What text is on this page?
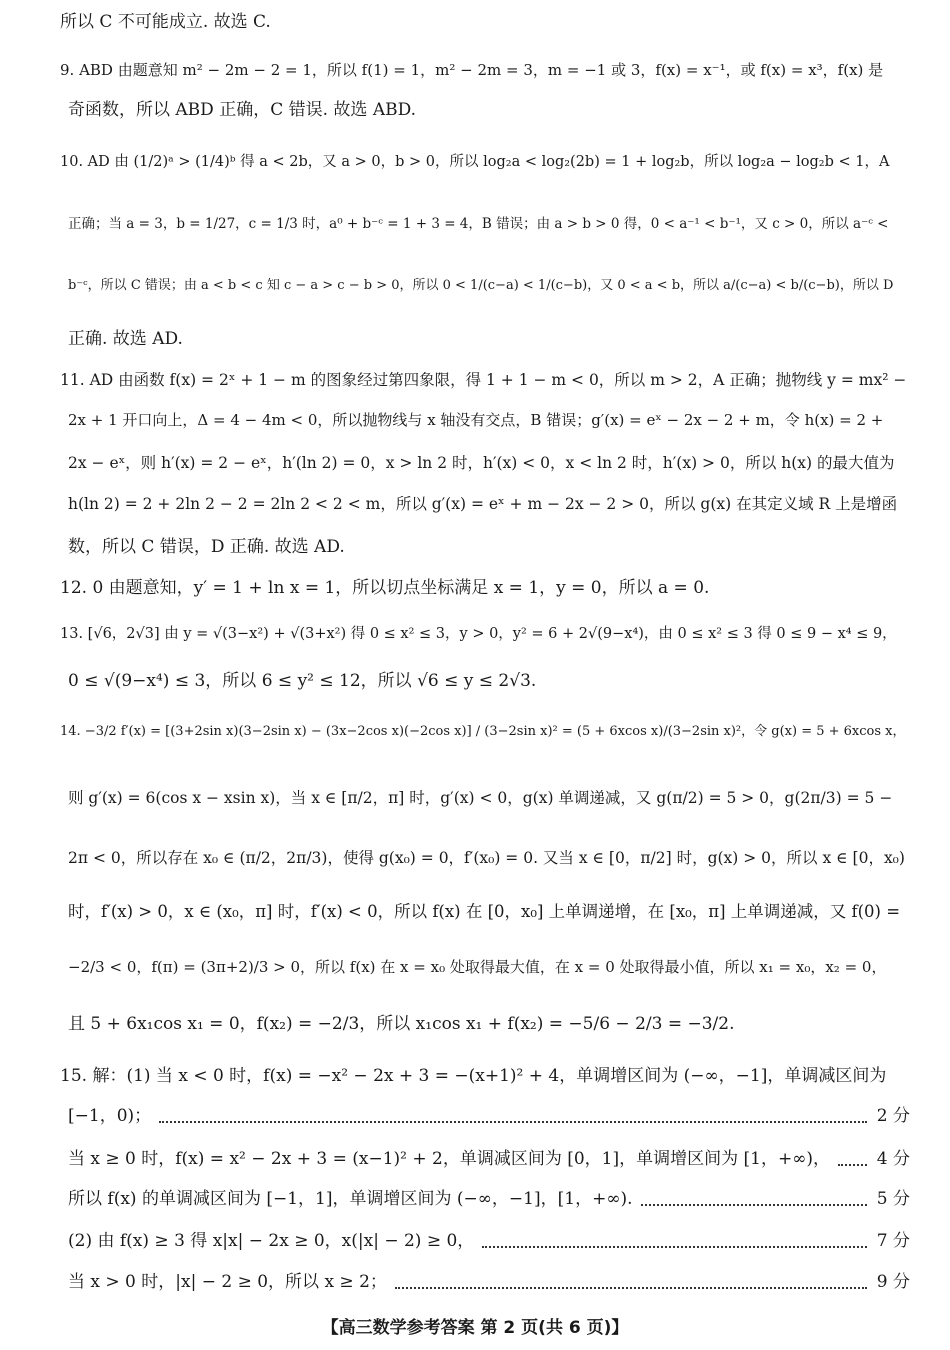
所以 C 不可能成立. 故选 C.
9. ABD 由题意知 m² − 2m − 2 = 1，所以 f(1) = 1，m² − 2m = 3，m = −1 或 3，f(x) = x⁻¹，或 f(x) = x³，f(x) 是
奇函数，所以 ABD 正确，C 错误. 故选 ABD.
10. AD 由 (1/2)ᵃ > (1/4)ᵇ 得 a < 2b，又 a > 0，b > 0，所以 log₂a < log₂(2b) = 1 + log₂b，所以 log₂a − log₂b < 1，A
正确；当 a = 3，b = 1/27，c = 1/3 时，a⁰ + b⁻ᶜ = 1 + 3 = 4，B 错误；由 a > b > 0 得，0 < a⁻¹ < b⁻¹，又 c > 0，所以 a⁻ᶜ <
b⁻ᶜ，所以 C 错误；由 a < b < c 知 c − a > c − b > 0，所以 0 < 1/(c−a) < 1/(c−b)，又 0 < a < b，所以 a/(c−a) < b/(c−b)，所以 D
正确. 故选 AD.
11. AD 由函数 f(x) = 2ˣ + 1 − m 的图象经过第四象限，得 1 + 1 − m < 0，所以 m > 2，A 正确；抛物线 y = mx² −
2x + 1 开口向上，Δ = 4 − 4m < 0，所以抛物线与 x 轴没有交点，B 错误；g′(x) = eˣ − 2x − 2 + m，令 h(x) = 2 +
2x − eˣ，则 h′(x) = 2 − eˣ，h′(ln 2) = 0，x > ln 2 时，h′(x) < 0，x < ln 2 时，h′(x) > 0，所以 h(x) 的最大值为
h(ln 2) = 2 + 2ln 2 − 2 = 2ln 2 < 2 < m，所以 g′(x) = eˣ + m − 2x − 2 > 0，所以 g(x) 在其定义域 R 上是增函
数，所以 C 错误，D 正确. 故选 AD.
12. 0 由题意知，y′ = 1 + ln x = 1，所以切点坐标满足 x = 1，y = 0，所以 a = 0.
13. [√6，2√3] 由 y = √(3−x²) + √(3+x²) 得 0 ≤ x² ≤ 3，y > 0，y² = 6 + 2√(9−x⁴)，由 0 ≤ x² ≤ 3 得 0 ≤ 9 − x⁴ ≤ 9，
0 ≤ √(9−x⁴) ≤ 3，所以 6 ≤ y² ≤ 12，所以 √6 ≤ y ≤ 2√3.
14. −3/2 f′(x) = [(3+2sin x)(3−2sin x) − (3x−2cos x)(−2cos x)] / (3−2sin x)² = (5 + 6xcos x)/(3−2sin x)²，令 g(x) = 5 + 6xcos x，
则 g′(x) = 6(cos x − xsin x)，当 x ∈ [π/2，π] 时，g′(x) < 0，g(x) 单调递减，又 g(π/2) = 5 > 0，g(2π/3) = 5 −
2π < 0，所以存在 x₀ ∈ (π/2，2π/3)，使得 g(x₀) = 0，f′(x₀) = 0. 又当 x ∈ [0，π/2] 时，g(x) > 0，所以 x ∈ [0，x₀)
时，f′(x) > 0，x ∈ (x₀，π] 时，f′(x) < 0，所以 f(x) 在 [0，x₀] 上单调递增，在 [x₀，π] 上单调递减，又 f(0) =
−2/3 < 0，f(π) = (3π+2)/3 > 0，所以 f(x) 在 x = x₀ 处取得最大值，在 x = 0 处取得最小值，所以 x₁ = x₀，x₂ = 0，
且 5 + 6x₁cos x₁ = 0，f(x₂) = −2/3，所以 x₁cos x₁ + f(x₂) = −5/6 − 2/3 = −3/2.
15. 解：(1) 当 x < 0 时，f(x) = −x² − 2x + 3 = −(x+1)² + 4，单调增区间为 (−∞，−1]，单调减区间为
[−1，0)；	2 分
当 x ≥ 0 时，f(x) = x² − 2x + 3 = (x−1)² + 2，单调减区间为 [0，1]，单调增区间为 [1，+∞)，	4 分
所以 f(x) 的单调减区间为 [−1，1]，单调增区间为 (−∞，−1]，[1，+∞).	5 分
(2) 由 f(x) ≥ 3 得 x|x| − 2x ≥ 0，x(|x| − 2) ≥ 0，	7 分
当 x > 0 时，|x| − 2 ≥ 0，所以 x ≥ 2；	9 分
【高三数学参考答案 第 2 页(共 6 页)】
